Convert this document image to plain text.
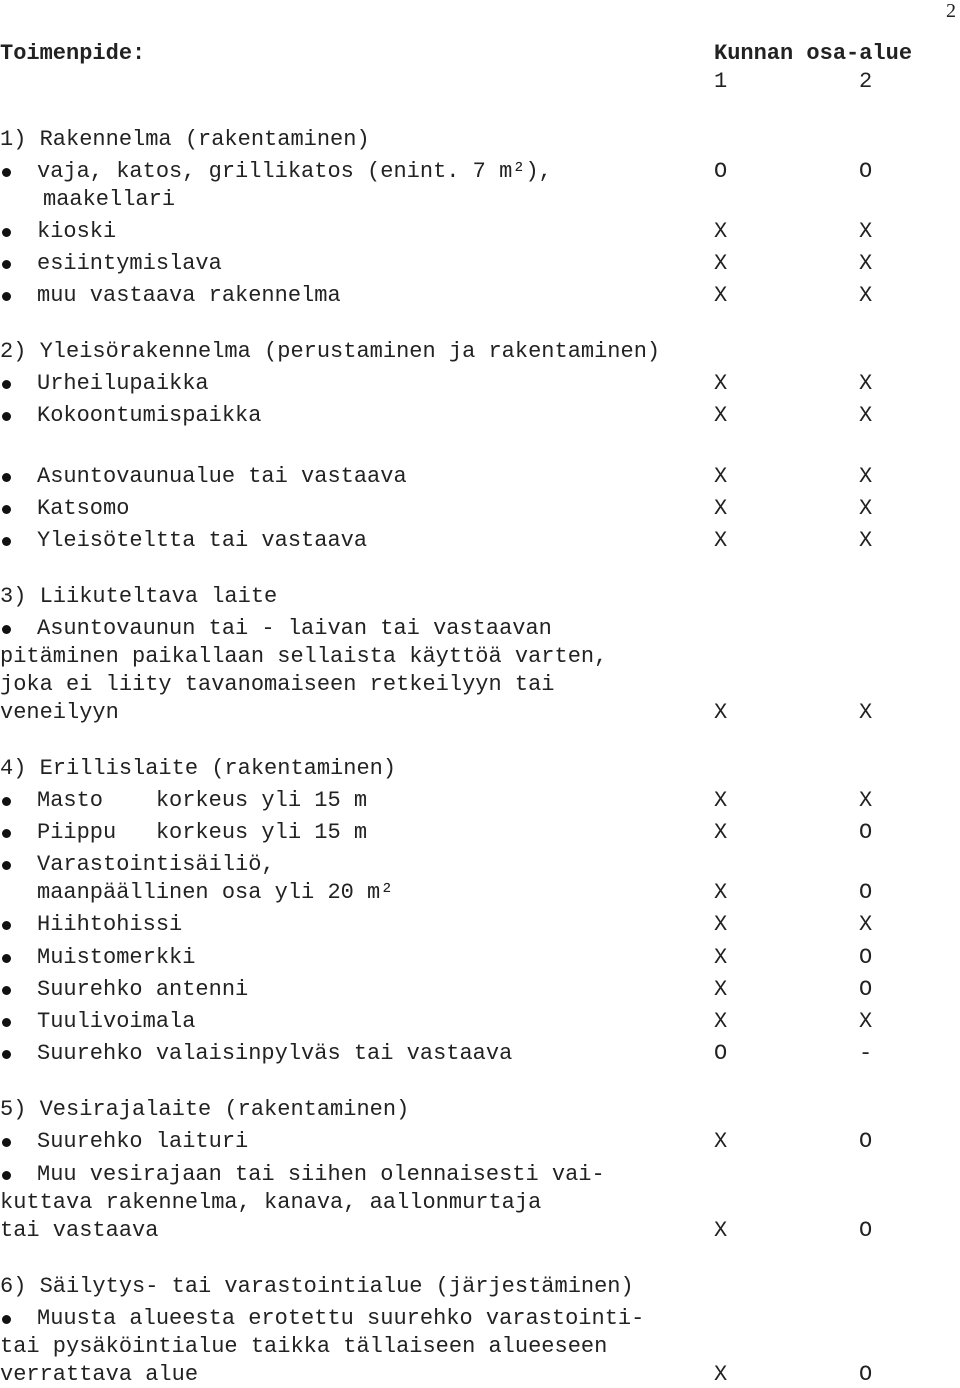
2
Toimenpide:	Kunnan osa-alue
1	2
1) Rakennelma (rakentaminen)
vaja, katos, grillikatos (enint. 7 m²),	O	O
maakellari
kioski	X	X
esiintymislava	X	X
muu vastaava rakennelma	X	X
2) Yleisörakennelma (perustaminen ja rakentaminen)
Urheilupaikka	X	X
Kokoontumispaikka	X	X
Asuntovaunualue tai vastaava	X	X
Katsomo	X	X
Yleisöteltta tai vastaava	X	X
3) Liikuteltava laite
Asuntovaunun tai - laivan tai vastaavan
pitäminen paikallaan sellaista käyttöä varten,
joka ei liity tavanomaiseen retkeilyyn tai
veneilyyn	X	X
4) Erillislaite (rakentaminen)
Masto    korkeus yli 15 m	X	X
Piippu   korkeus yli 15 m	X	O
Varastointisäiliö,
maanpäällinen osa yli 20 m²	X	O
Hiihtohissi	X	X
Muistomerkki	X	O
Suurehko antenni	X	O
Tuulivoimala	X	X
Suurehko valaisinpylväs tai vastaava	O	-
5) Vesirajalaite (rakentaminen)
Suurehko laituri	X	O
Muu vesirajaan tai siihen olennaisesti vai-
kuttava rakennelma, kanava, aallonmurtaja
tai vastaava	X	O
6) Säilytys- tai varastointialue (järjestäminen)
Muusta alueesta erotettu suurehko varastointi-
tai pysäköintialue taikka tällaiseen alueeseen
verrattava alue	X	O
